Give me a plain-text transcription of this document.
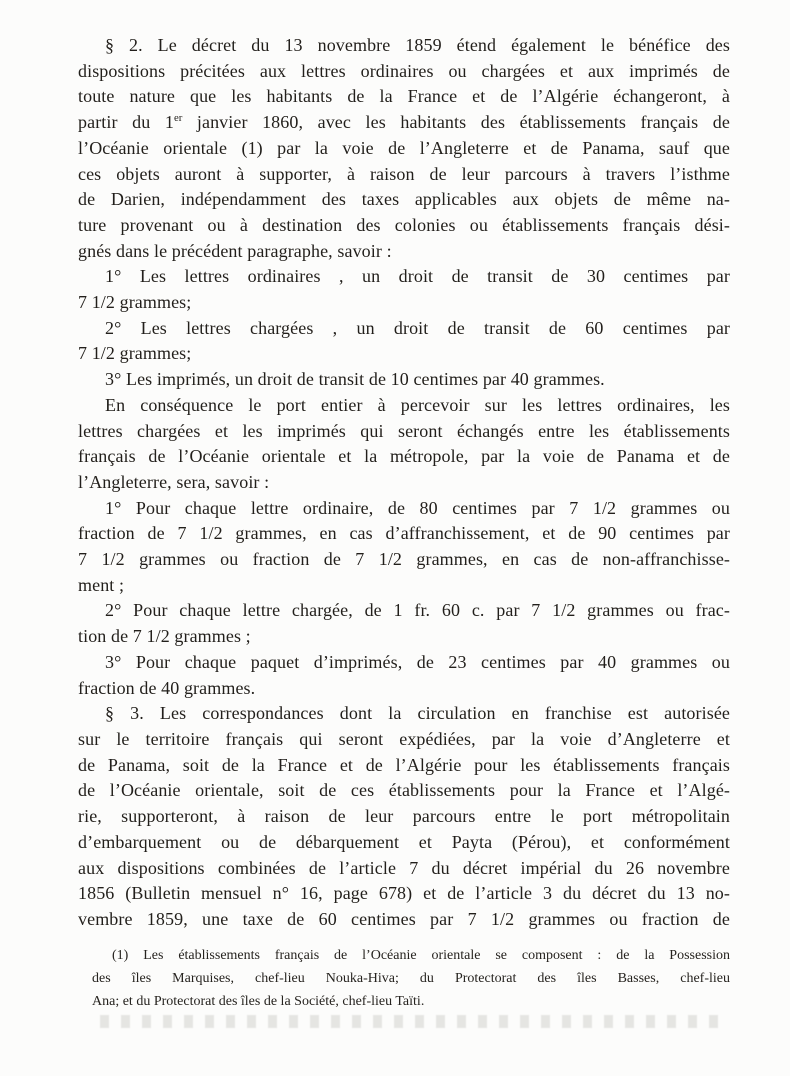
§ 2. Le décret du 13 novembre 1859 étend également le bénéfice des
dispositions précitées aux lettres ordinaires ou chargées et aux imprimés de
toute nature que les habitants de la France et de l’Algérie échangeront, à
partir du 1er janvier 1860, avec les habitants des établissements français de
l’Océanie orientale (1) par la voie de l’Angleterre et de Panama, sauf que
ces objets auront à supporter, à raison de leur parcours à travers l’isthme
de Darien, indépendamment des taxes applicables aux objets de même na-
ture provenant ou à destination des colonies ou établissements français dési-
gnés dans le précédent paragraphe, savoir :

1° Les lettres ordinaires , un droit de transit de 30 centimes par
7 1/2 grammes;

2° Les lettres chargées , un droit de transit de 60 centimes par
7 1/2 grammes;

3° Les imprimés, un droit de transit de 10 centimes par 40 grammes.

En conséquence le port entier à percevoir sur les lettres ordinaires, les
lettres chargées et les imprimés qui seront échangés entre les établissements
français de l’Océanie orientale et la métropole, par la voie de Panama et de
l’Angleterre, sera, savoir :

1° Pour chaque lettre ordinaire, de 80 centimes par 7 1/2 grammes ou
fraction de 7 1/2 grammes, en cas d’affranchissement, et de 90 centimes par
7 1/2 grammes ou fraction de 7 1/2 grammes, en cas de non-affranchisse-
ment ;

2° Pour chaque lettre chargée, de 1 fr. 60 c. par 7 1/2 grammes ou frac-
tion de 7 1/2 grammes ;

3° Pour chaque paquet d’imprimés, de 23 centimes par 40 grammes ou
fraction de 40 grammes.

§ 3. Les correspondances dont la circulation en franchise est autorisée
sur le territoire français qui seront expédiées, par la voie d’Angleterre et
de Panama, soit de la France et de l’Algérie pour les établissements français
de l’Océanie orientale, soit de ces établissements pour la France et l’Algé-
rie, supporteront, à raison de leur parcours entre le port métropolitain
d’embarquement ou de débarquement et Payta (Pérou), et conformément
aux dispositions combinées de l’article 7 du décret impérial du 26 novembre
1856 (Bulletin mensuel n° 16, page 678) et de l’article 3 du décret du 13 no-
vembre 1859, une taxe de 60 centimes par 7 1/2 grammes ou fraction de

(1) Les établissements français de l’Océanie orientale se composent : de la Possession
des îles Marquises, chef-lieu Nouka-Hiva; du Protectorat des îles Basses, chef-lieu
Ana; et du Protectorat des îles de la Société, chef-lieu Taïti.
